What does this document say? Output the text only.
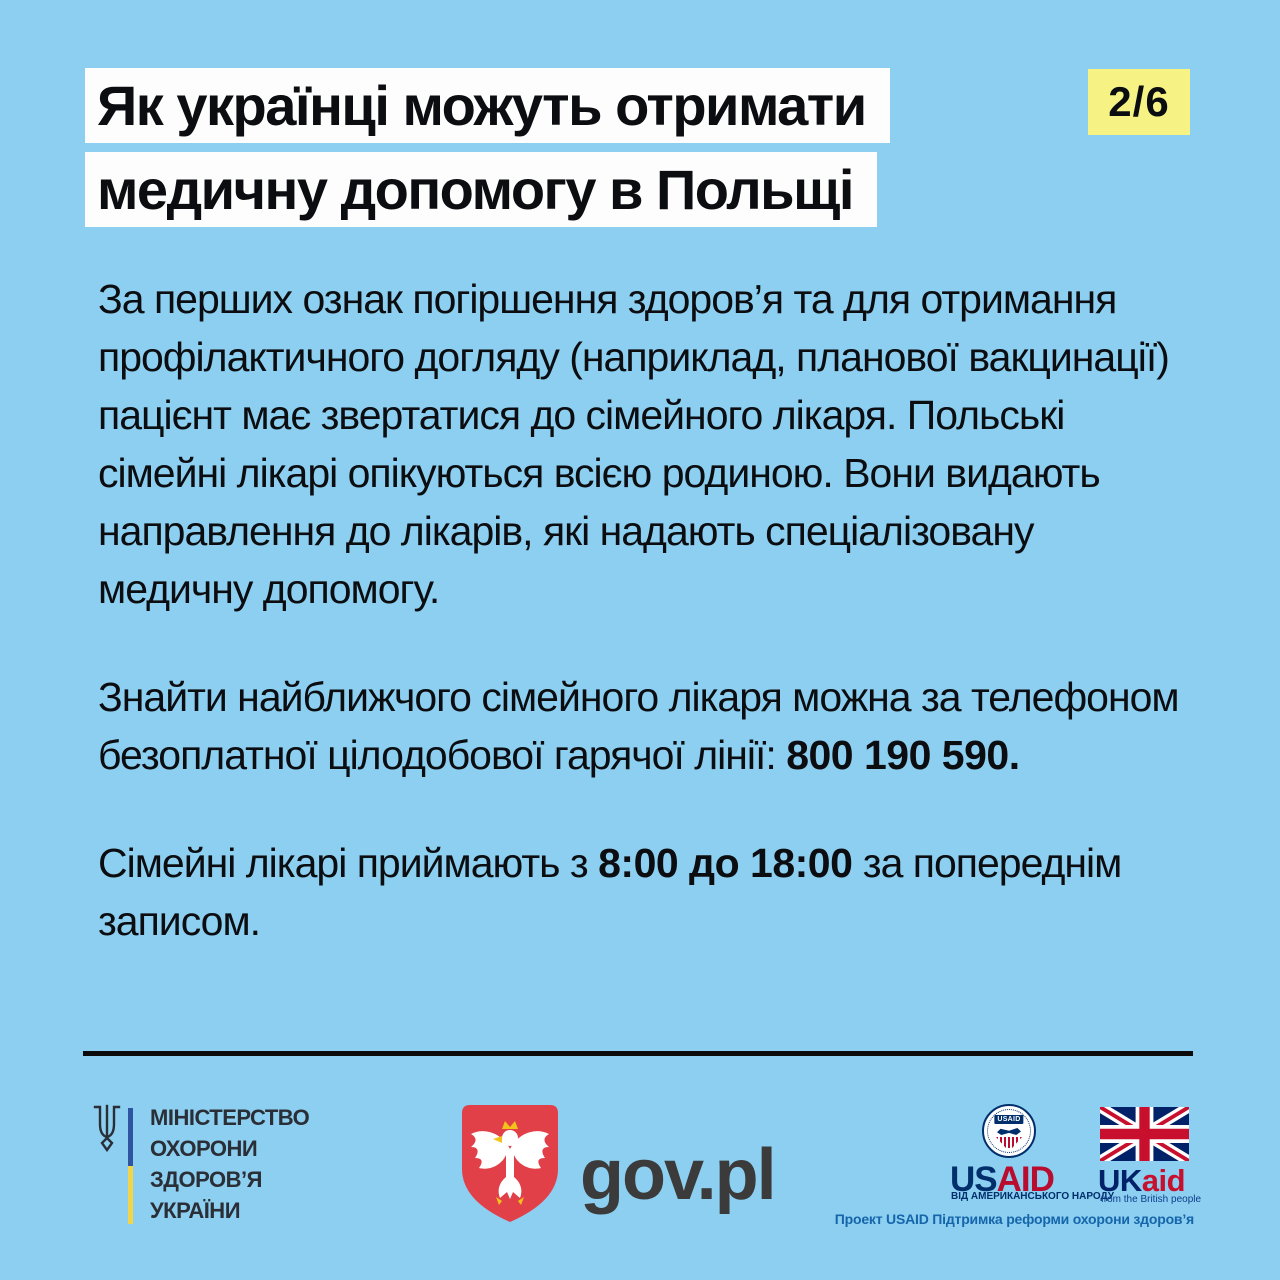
2/6
Як українці можуть отримати
медичну допомогу в Польщі

За перших ознак погіршення здоров’я та для отримання профілактичного догляду (наприклад, планової вакцинації) пацієнт має звертатися до сімейного лікаря. Польські сімейні лікарі опікуються всією родиною. Вони видають направлення до лікарів, які надають спеціалізовану медичну допомогу.

Знайти найближчого сімейного лікаря можна за телефоном безоплатної цілодобової гарячої лінії: 800 190 590.

Сімейні лікарі приймають з 8:00 до 18:00 за попереднім записом.

МІНІСТЕРСТВО
ОХОРОНИ
ЗДОРОВ’Я
УКРАЇНИ	gov.pl
USAID
USAID
ВІД АМЕРИКАНСЬКОГО НАРОДУ
UKaid
from the British people
Проект USAID Підтримка реформи охорони здоров’я
